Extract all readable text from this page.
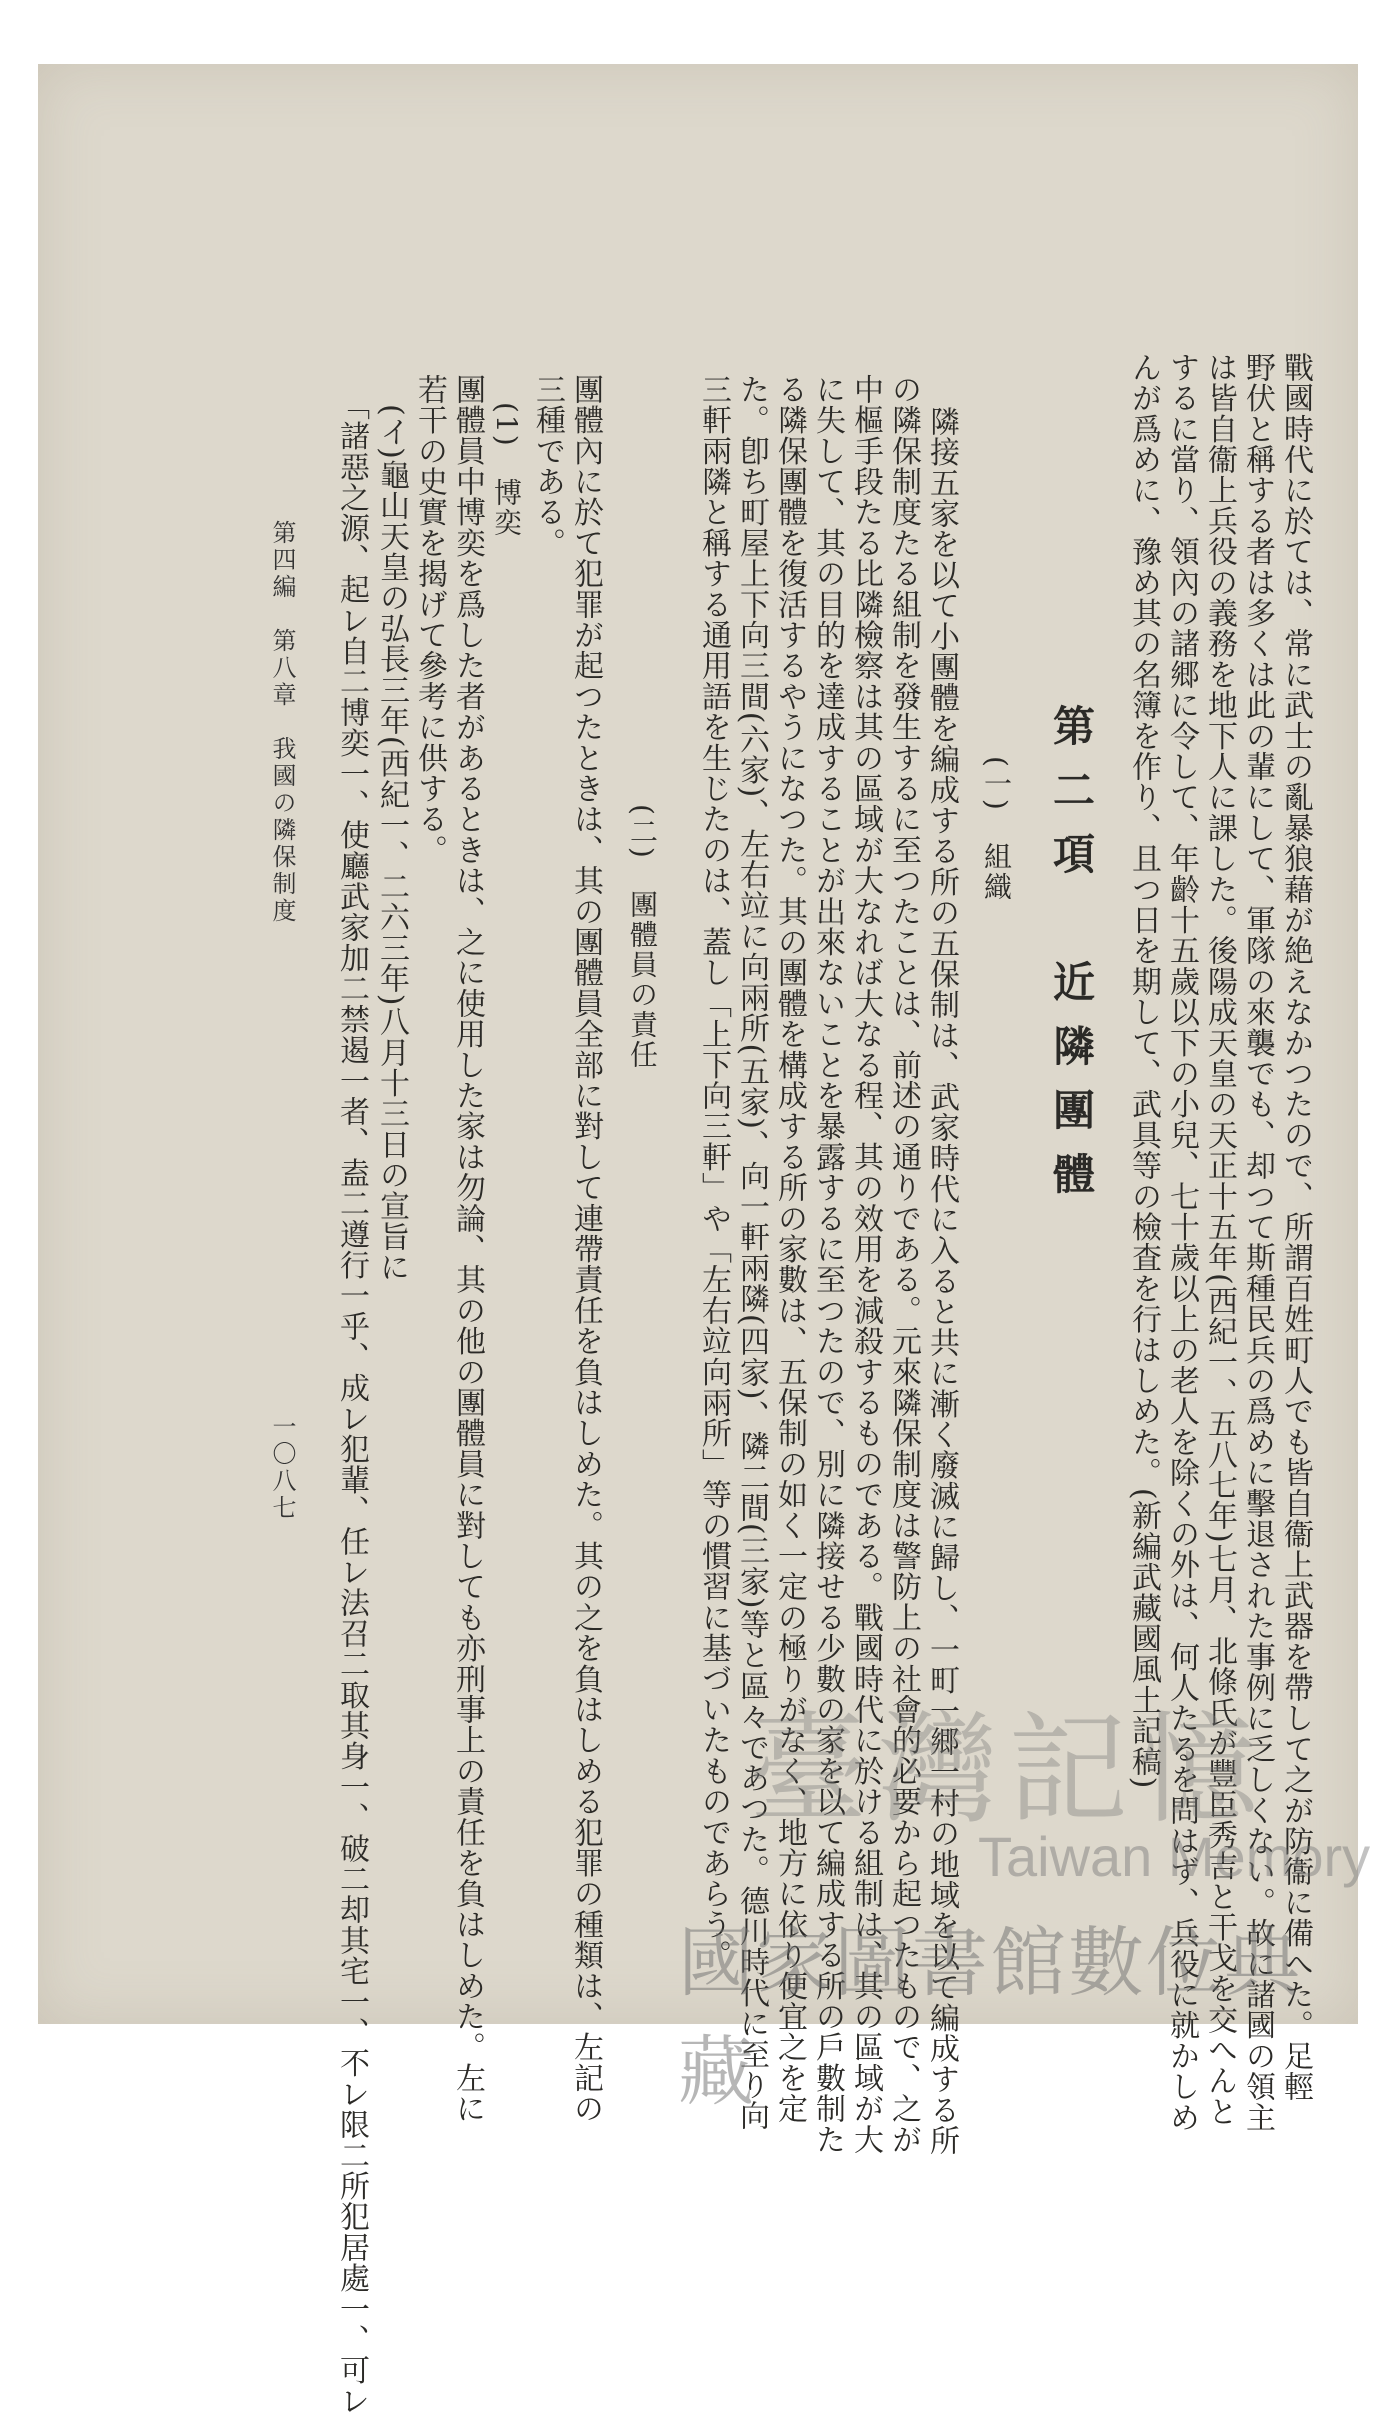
戰國時代に於ては、常に武士の亂暴狼藉が絶えなかつたので、所謂百姓町人でも皆自衞上武器を帶して之が防衞に備へた。足輕
野伏と稱する者は多くは此の輩にして、軍隊の來襲でも、却つて斯種民兵の爲めに擊退された事例に乏しくない。故に諸國の領主
は皆自衞上兵役の義務を地下人に課した。後陽成天皇の天正十五年(西紀一、五八七年)七月、北條氏が豐臣秀吉と干戈を交へんと
するに當り、領內の諸郷に令して、年齡十五歲以下の小兒、七十歲以上の老人を除くの外は、何人たるを問はず、兵役に就かしめ
んが爲めに、豫め其の名簿を作り、且つ日を期して、武具等の檢査を行はしめた。(新編武藏國風土記稿)
第二項　近隣團體
(一)　組織
隣接五家を以て小團體を編成する所の五保制は、武家時代に入ると共に漸く廢滅に歸し、一町一郷一村の地域を以て編成する所
の隣保制度たる組制を發生するに至つたことは、前述の通りである。元來隣保制度は警防上の社會的必要から起つたもので、之が
中樞手段たる比隣檢察は其の區域が大なれば大なる程、其の效用を減殺するものである。戰國時代に於ける組制は、其の區域が大
に失して、其の目的を達成することが出來ないことを暴露するに至つたので、別に隣接せる少數の家を以て編成する所の戶數制た
る隣保團體を復活するやうになつた。其の團體を構成する所の家數は、五保制の如く一定の極りがなく、地方に依り便宜之を定
た。卽ち町屋上下向三間(六家)、左右竝に向兩所(五家)、向一軒兩隣(四家)、隣二間(三家)等と區々であつた。德川時代に至り向
三軒兩隣と稱する通用語を生じたのは、蓋し「上下向三軒」や「左右竝向兩所」等の慣習に基づいたものであらう。
(二)　團體員の責任
團體內に於て犯罪が起つたときは、其の團體員全部に對して連帶責任を負はしめた。其の之を負はしめる犯罪の種類は、左記の
三種である。
(1)　博奕
團體員中博奕を爲した者があるときは、之に使用した家は勿論、其の他の團體員に對しても亦刑事上の責任を負はしめた。左に
若干の史實を揭げて參考に供する。
(イ)龜山天皇の弘長三年(西紀一、二六三年)八月十三日の宣旨に
「諸惡之源、起レ自二博奕一、使廳武家加二禁遏一者、盍二遵行一乎、成レ犯輩、任レ法召二取其身一、破二却其宅一、不レ限二所犯居處一、可レ
第四編　第八章　我國の隣保制度
一〇八七
臺灣記憶
Taiwan Memory
國家圖書館數位典藏
